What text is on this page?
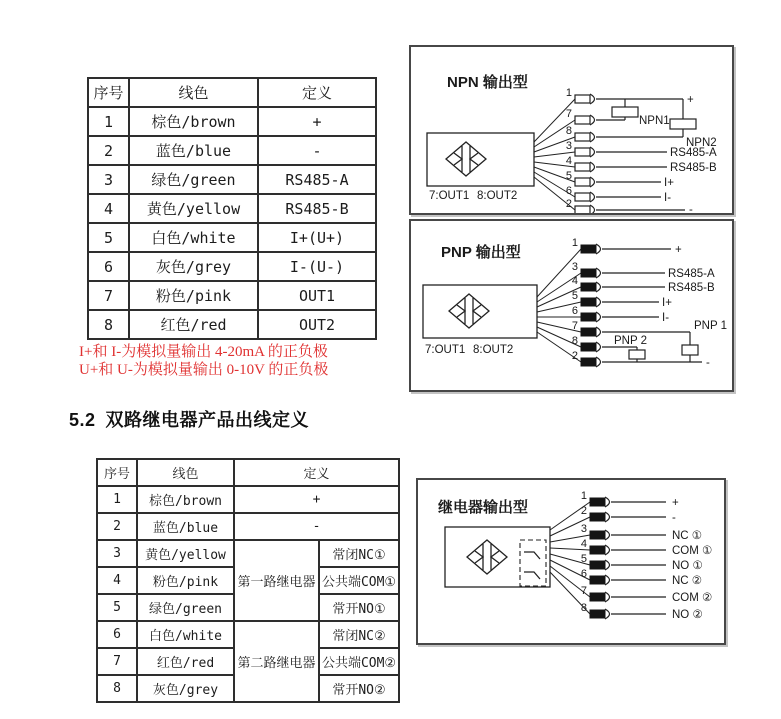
序号	线色	定义
1	棕色/brown	+
2	蓝色/blue	-
3	绿色/green	RS485-A
4	黄色/yellow	RS485-B
5	白色/white	I+(U+)
6	灰色/grey	I-(U-)
7	粉色/pink	OUT1
8	红色/red	OUT2
I+和 I-为模拟量输出 4-20mA 的正负极
U+和 U-为模拟量输出 0-10V 的正负极
5.2 双路继电器产品出线定义
序号	线色	定义	
1	棕色/brown	+	
2	蓝色/blue	-	
3	黄色/yellow	第一路继电器	常闭NC①
4	粉色/pink		公共端COM①
5	绿色/green		常开NO①
6	白色/white	第二路继电器	常闭NC②
7	红色/red		公共端COM②
8	灰色/grey		常开NO②
NPN 输出型
7:OUT1 8:OUT2
1
7
8
3
4
5
6
2
+
NPN1
NPN2
RS485-A
RS485-B
I+
I-
-
PNP 输出型
7:OUT1 8:OUT2
1
3
4
5
6
7
8
2
+
RS485-A
RS485-B
I+
I-
PNP 1
PNP 2
-
继电器输出型
1
2
3
4
5
6
7
8
+
-
NC ①
COM ①
NO ①
NC ②
COM ②
NO ②
